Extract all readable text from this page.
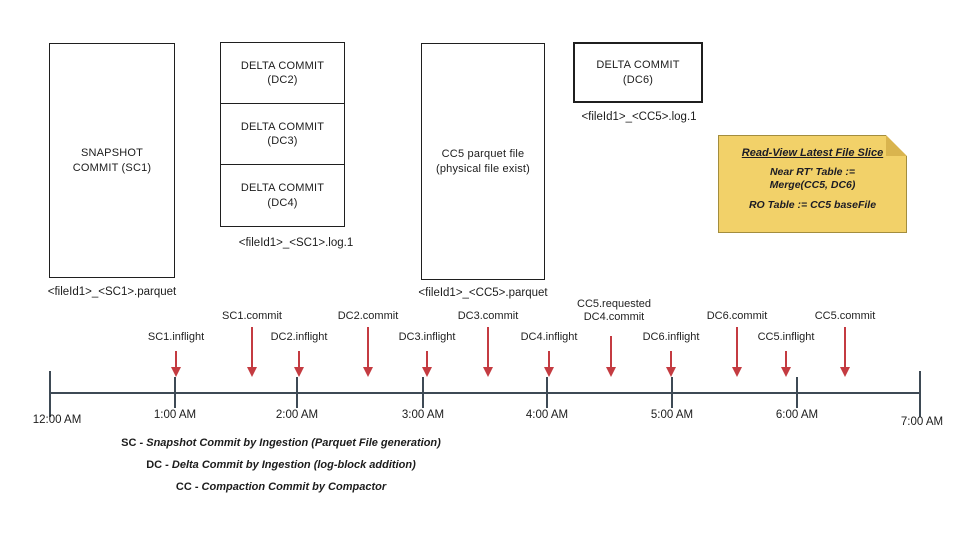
SNAPSHOT
COMMIT (SC1)
<fileId1>_<SC1>.parquet
DELTA COMMIT
(DC2)
DELTA COMMIT
(DC3)
DELTA COMMIT
(DC4)
<fileId1>_<SC1>.log.1
CC5 parquet file
(physical file exist)
<fileId1>_<CC5>.parquet
DELTA COMMIT
(DC6)
<fileId1>_<CC5>.log.1
Read-View Latest File Slice
Near RT' Table :=
Merge(CC5, DC6)
RO Table := CC5 baseFile
12:00 AM	1:00 AM	2:00 AM	3:00 AM	4:00 AM	5:00 AM	6:00 AM
7:00 AM
SC1.inflight
SC1.commit
DC2.inflight
DC2.commit
DC3.inflight
DC3.commit
DC4.inflight
CC5.requested
DC4.commit
DC6.inflight
DC6.commit
CC5.inflight
CC5.commit
SC - Snapshot Commit by Ingestion (Parquet File generation)
DC - Delta Commit by Ingestion (log-block addition)
CC - Compaction Commit by Compactor
